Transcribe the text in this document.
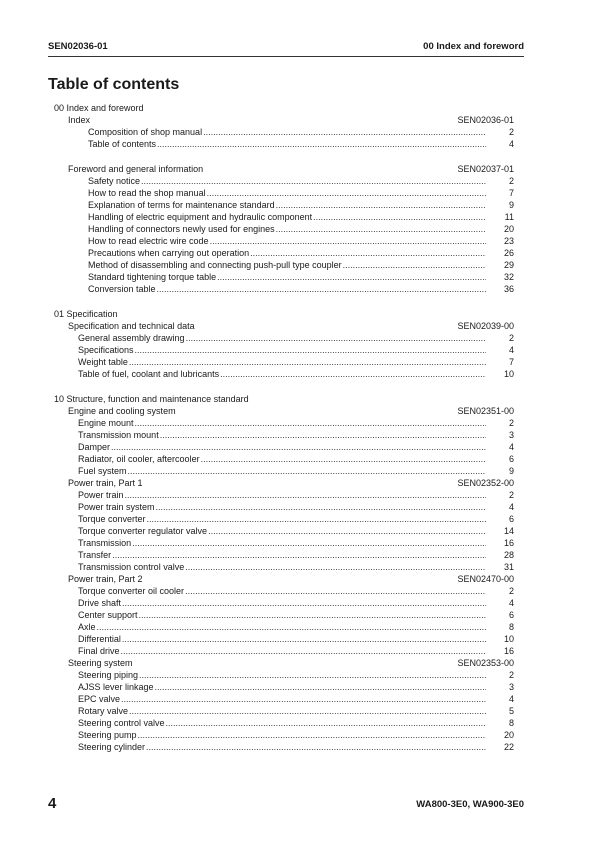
SEN02036-01	00 Index and foreword
Table of contents
00 Index and foreword
Index	SEN02036-01
Composition of shop manual .....	2
Table of contents .....	4
Foreword and general information	SEN02037-01
Safety notice .....	2
How to read the shop manual .....	7
Explanation of terms for maintenance standard .....	9
Handling of electric equipment and hydraulic component .....	11
Handling of connectors newly used for engines .....	20
How to read electric wire code .....	23
Precautions when carrying out operation .....	26
Method of disassembling and connecting push-pull type coupler .....	29
Standard tightening torque table .....	32
Conversion table .....	36
01 Specification
Specification and technical data	SEN02039-00
General assembly drawing .....	2
Specifications .....	4
Weight table .....	7
Table of fuel, coolant and lubricants .....	10
10 Structure, function and maintenance standard
Engine and cooling system	SEN02351-00
Engine mount .....	2
Transmission mount .....	3
Damper .....	4
Radiator, oil cooler, aftercooler .....	6
Fuel system .....	9
Power train, Part 1	SEN02352-00
Power train .....	2
Power train system .....	4
Torque converter .....	6
Torque converter regulator valve .....	14
Transmission .....	16
Transfer .....	28
Transmission control valve .....	31
Power train, Part 2	SEN02470-00
Torque converter oil cooler .....	2
Drive shaft .....	4
Center support .....	6
Axle .....	8
Differential .....	10
Final drive .....	16
Steering system	SEN02353-00
Steering piping .....	2
AJSS lever linkage .....	3
EPC valve .....	4
Rotary valve .....	5
Steering control valve .....	8
Steering pump .....	20
Steering cylinder .....	22
4	WA800-3E0, WA900-3E0
